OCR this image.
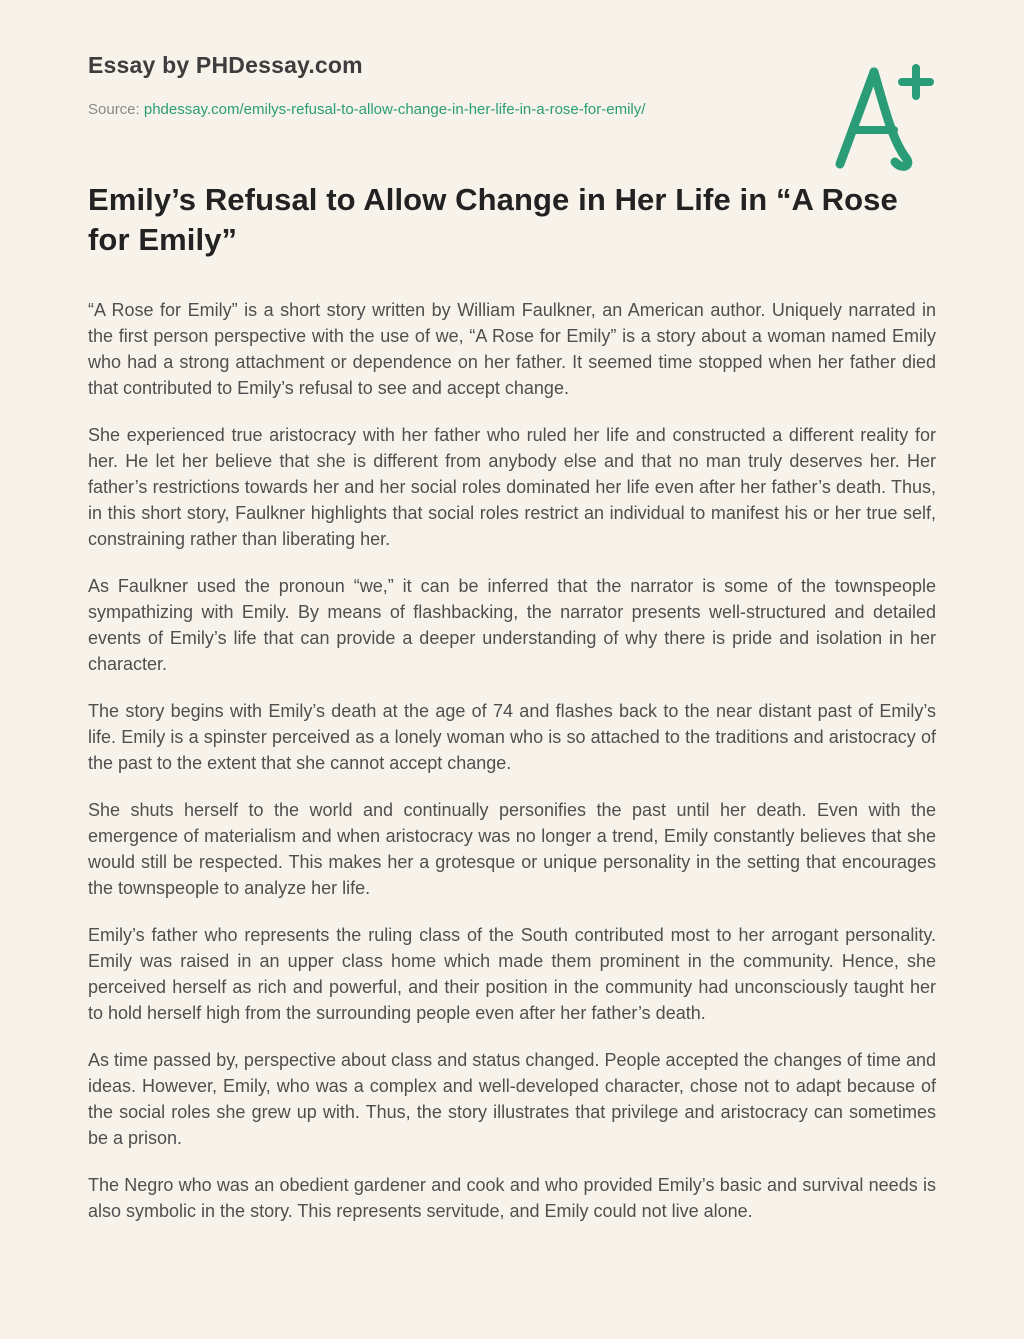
Essay by PHDessay.com
Source: phdessay.com/emilys-refusal-to-allow-change-in-her-life-in-a-rose-for-emily/
Emily’s Refusal to Allow Change in Her Life in “A Rose for Emily”

“A Rose for Emily” is a short story written by William Faulkner, an American author. Uniquely narrated in the first person perspective with the use of we, “A Rose for Emily” is a story about a woman named Emily who had a strong attachment or dependence on her father. It seemed time stopped when her father died that contributed to Emily’s refusal to see and accept change.

She experienced true aristocracy with her father who ruled her life and constructed a different reality for her. He let her believe that she is different from anybody else and that no man truly deserves her. Her father’s restrictions towards her and her social roles dominated her life even after her father’s death. Thus, in this short story, Faulkner highlights that social roles restrict an individual to manifest his or her true self, constraining rather than liberating her.

As Faulkner used the pronoun “we,” it can be inferred that the narrator is some of the townspeople sympathizing with Emily. By means of flashbacking, the narrator presents well-structured and detailed events of Emily’s life that can provide a deeper understanding of why there is pride and isolation in her character.

The story begins with Emily’s death at the age of 74 and flashes back to the near distant past of Emily’s life. Emily is a spinster perceived as a lonely woman who is so attached to the traditions and aristocracy of the past to the extent that she cannot accept change.

She shuts herself to the world and continually personifies the past until her death. Even with the emergence of materialism and when aristocracy was no longer a trend, Emily constantly believes that she would still be respected. This makes her a grotesque or unique personality in the setting that encourages the townspeople to analyze her life.

Emily’s father who represents the ruling class of the South contributed most to her arrogant personality. Emily was raised in an upper class home which made them prominent in the community. Hence, she perceived herself as rich and powerful, and their position in the community had unconsciously taught her to hold herself high from the surrounding people even after her father’s death.

As time passed by, perspective about class and status changed. People accepted the changes of time and ideas. However, Emily, who was a complex and well-developed character, chose not to adapt because of the social roles she grew up with. Thus, the story illustrates that privilege and aristocracy can sometimes be a prison.

The Negro who was an obedient gardener and cook and who provided Emily’s basic and survival needs is also symbolic in the story. This represents servitude, and Emily could not live alone.
